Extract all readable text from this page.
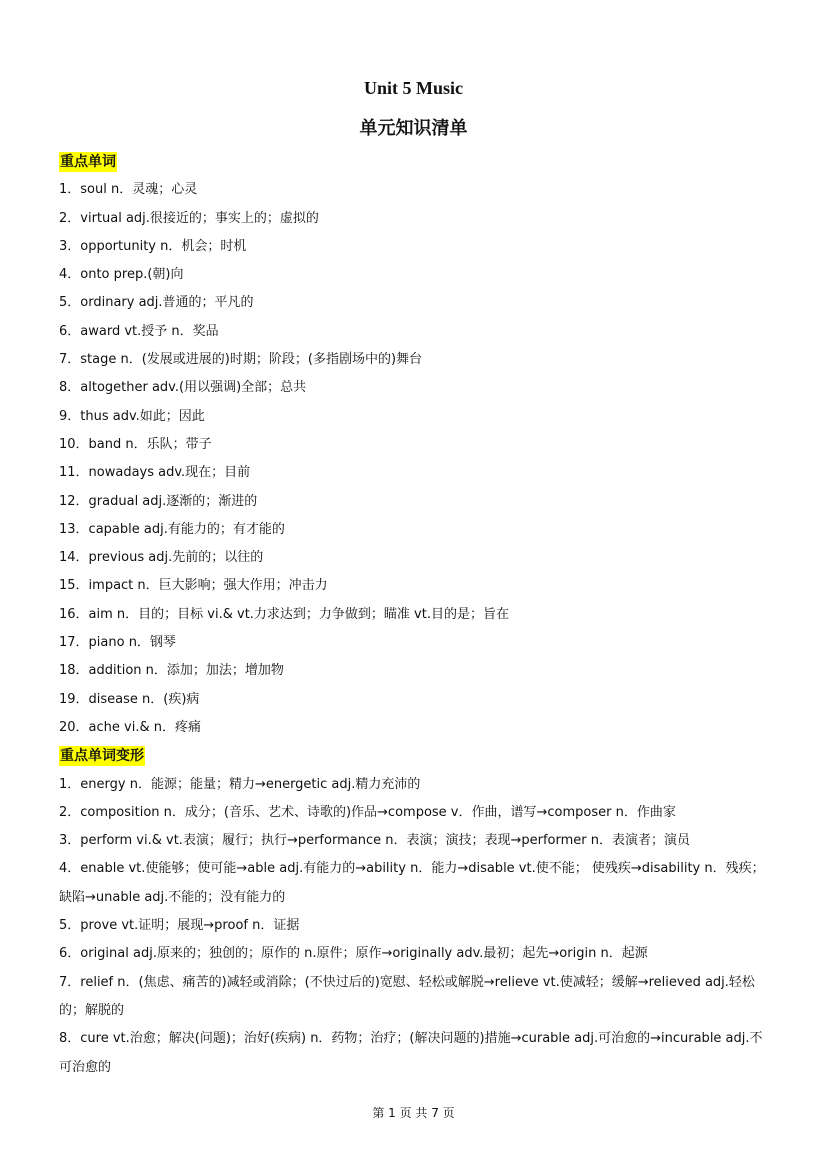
Unit 5 Music
单元知识清单
重点单词
1．soul n．灵魂；心灵
2．virtual adj.很接近的；事实上的；虚拟的
3．opportunity n．机会；时机
4．onto prep.(朝)向
5．ordinary adj.普通的；平凡的
6．award vt.授予 n．奖品
7．stage n．(发展或进展的)时期；阶段；(多指剧场中的)舞台
8．altogether adv.(用以强调)全部；总共
9．thus adv.如此；因此
10．band n．乐队；带子
11．nowadays adv.现在；目前
12．gradual adj.逐渐的；渐进的
13．capable adj.有能力的；有才能的
14．previous adj.先前的；以往的
15．impact n．巨大影响；强大作用；冲击力
16．aim n．目的；目标 vi.& vt.力求达到；力争做到；瞄准 vt.目的是；旨在
17．piano n．钢琴
18．addition n．添加；加法；增加物
19．disease n．(疾)病
20．ache vi.& n．疼痛
重点单词变形
1．energy n．能源；能量；精力→energetic adj.精力充沛的
2．composition n．成分；(音乐、艺术、诗歌的)作品→compose v．作曲，谱写→composer n．作曲家
3．perform vi.& vt.表演；履行；执行→performance n．表演；演技；表现→performer n．表演者；演员
4．enable vt.使能够；使可能→able adj.有能力的→ability n．能力→disable vt.使不能； 使残疾→disability n．残疾；缺陷→unable adj.不能的；没有能力的
5．prove vt.证明；展现→proof n．证据
6．original adj.原来的；独创的；原作的 n.原件；原作→originally adv.最初；起先→origin n．起源
7．relief n．(焦虑、痛苦的)减轻或消除；(不快过后的)宽慰、轻松或解脱→relieve vt.使减轻；缓解→relieved adj.轻松的；解脱的
8．cure vt.治愈；解决(问题)；治好(疾病) n．药物；治疗；(解决问题的)措施→curable adj.可治愈的→incurable adj.不可治愈的
第 1 页 共 7 页
